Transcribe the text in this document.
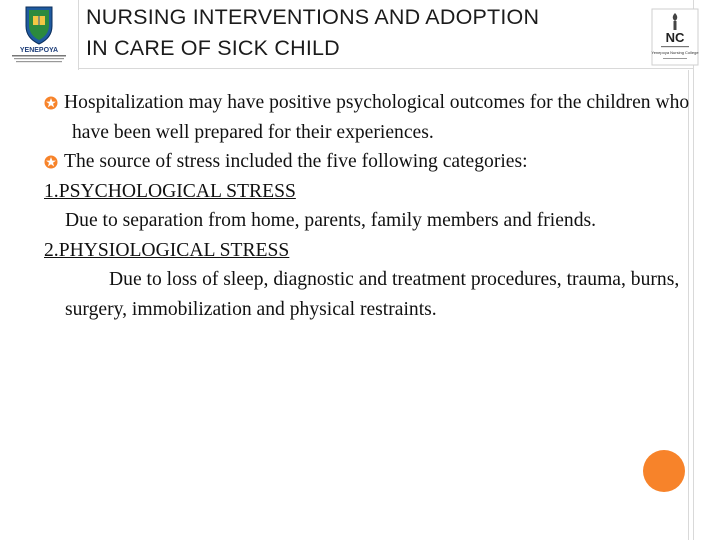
YENEPOYA
NC
Yenepoya Nursing College
NURSING INTERVENTIONS AND ADOPTION
IN CARE OF SICK CHILD
Hospitalization may have positive psychological outcomes for the children who have been well prepared for their experiences.
The source of stress included the five following categories:
1.PSYCHOLOGICAL STRESS
Due to separation from home, parents, family members and friends.
2.PHYSIOLOGICAL STRESS
Due to loss of sleep, diagnostic and treatment procedures, trauma, burns, surgery, immobilization and physical restraints.
